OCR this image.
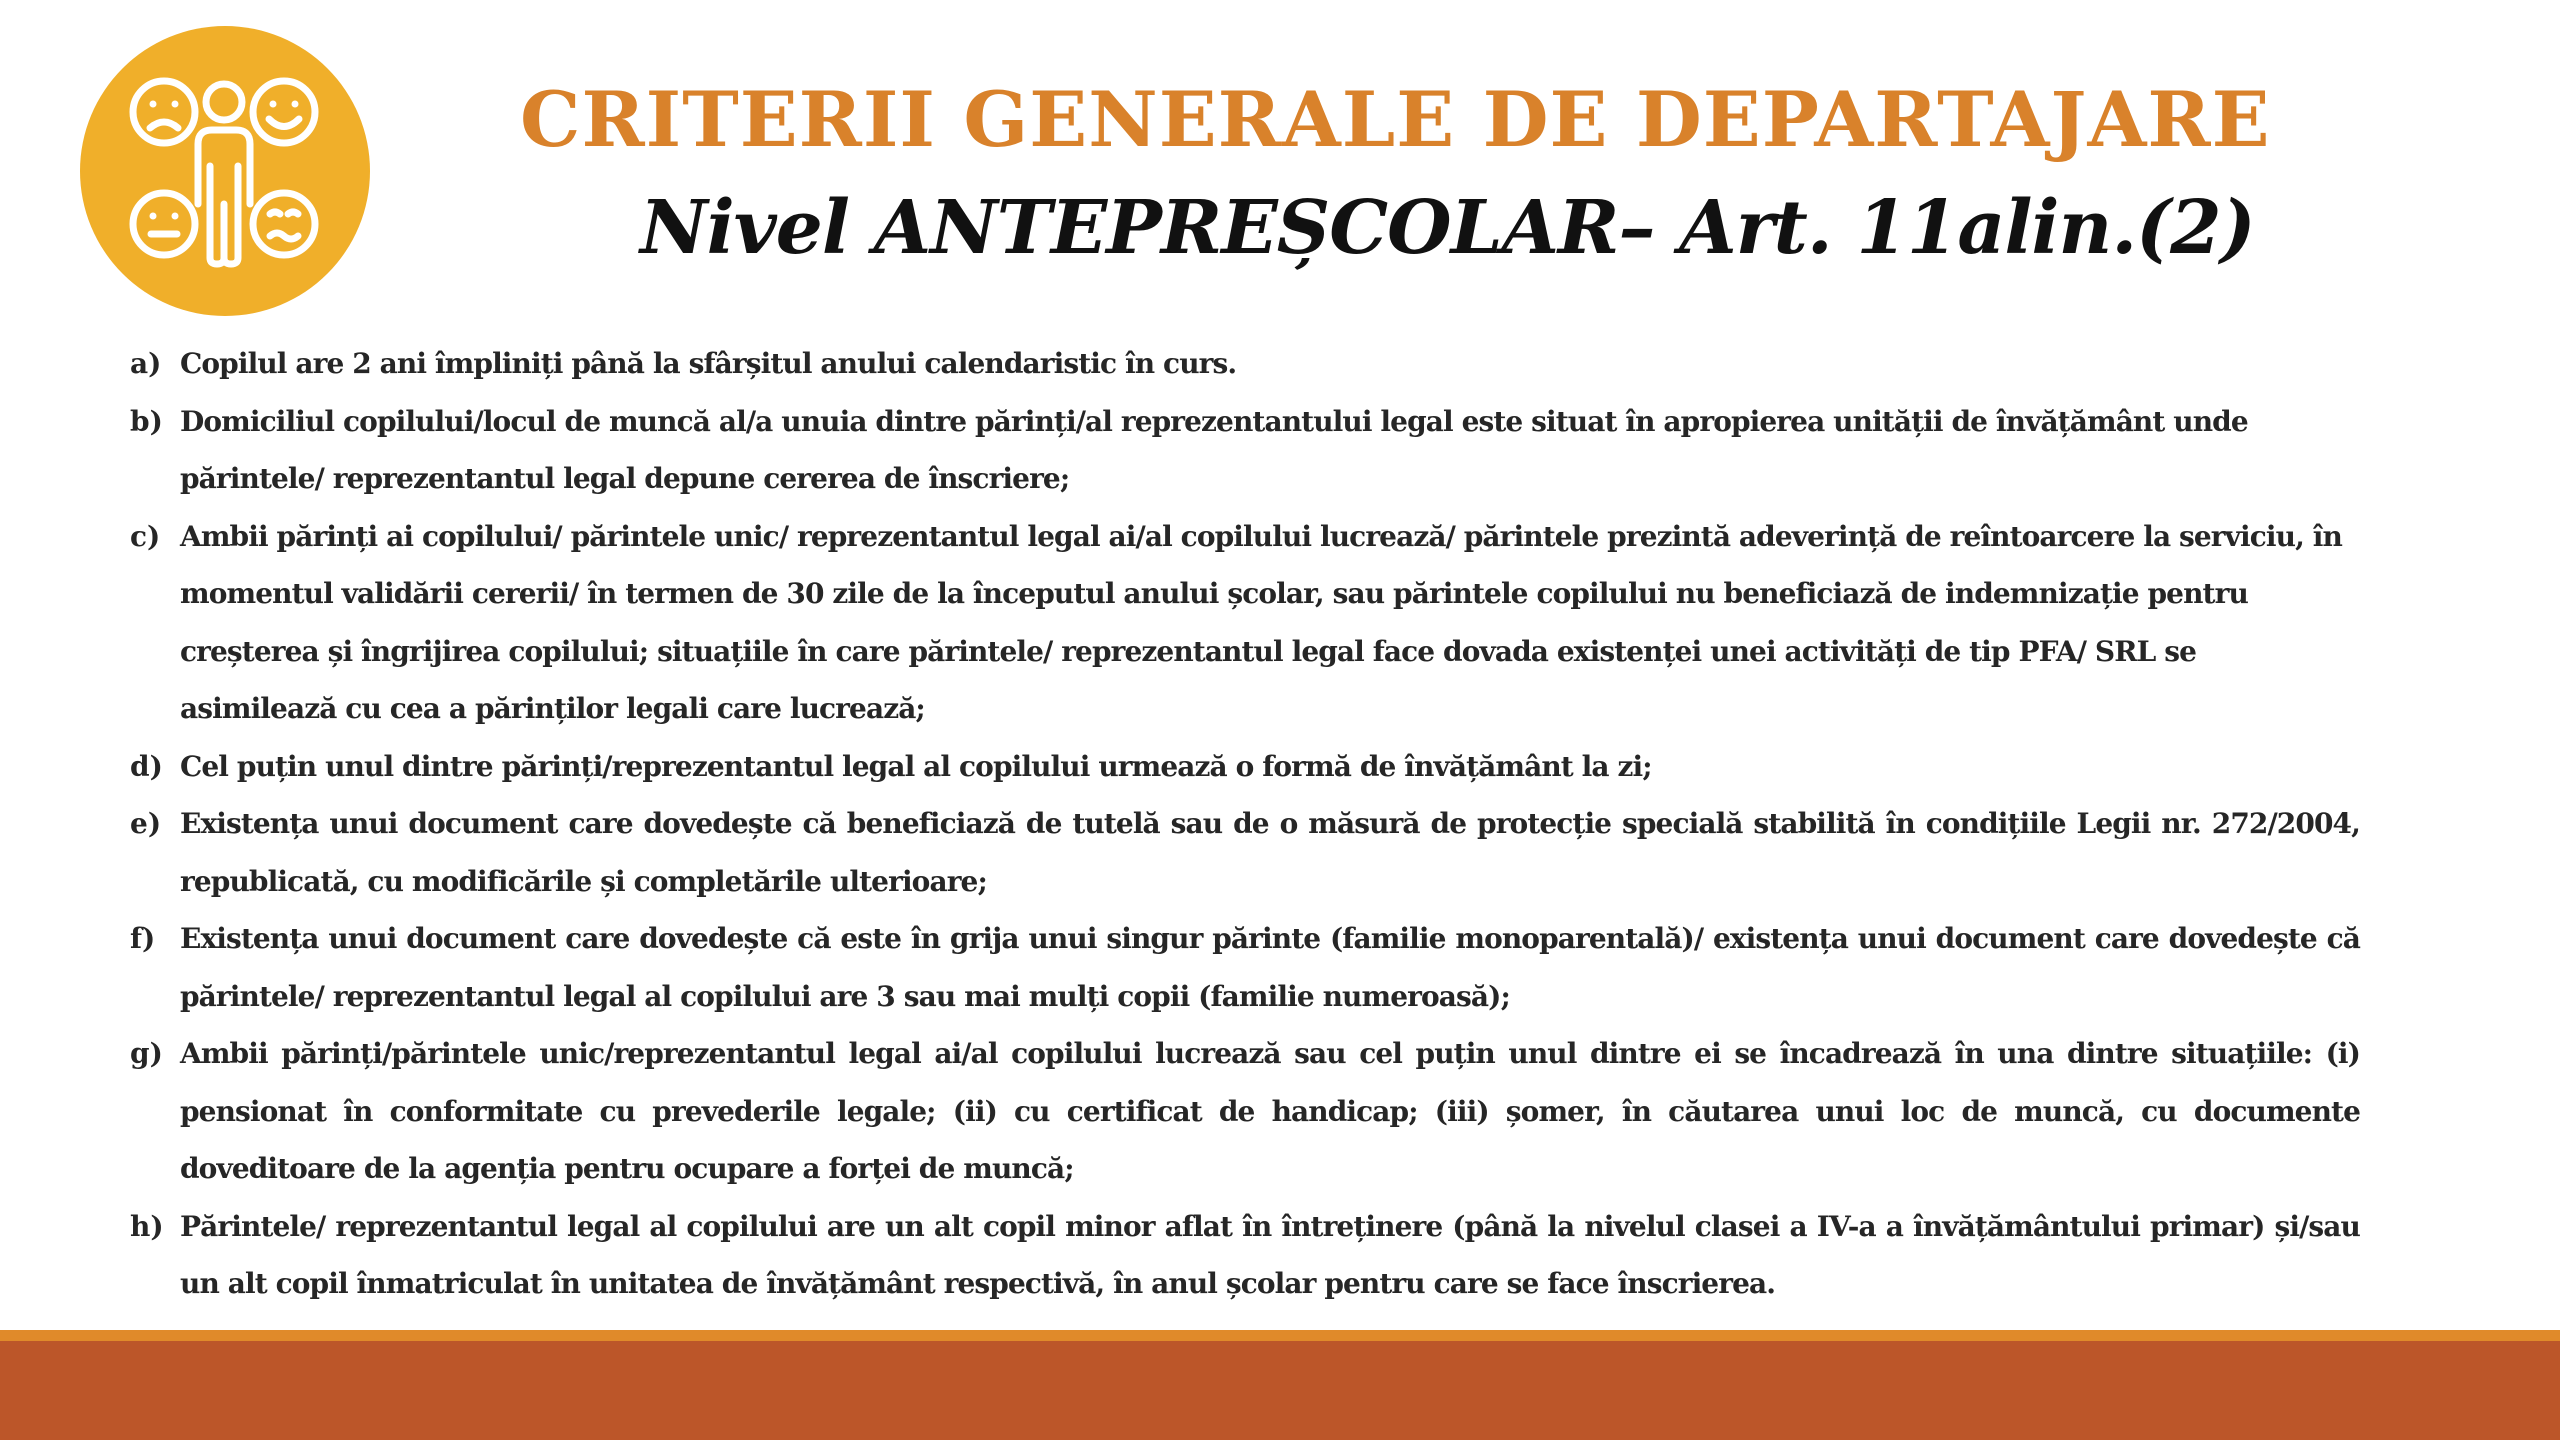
CRITERII GENERALE DE DEPARTAJARE
Nivel ANTEPREȘCOLAR– Art. 11alin.(2)
a) Copilul are 2 ani împliniți până la sfârșitul anului calendaristic în curs.
b) Domiciliul copilului/locul de muncă al/a unuia dintre părinți/al reprezentantului legal este situat în apropierea unității de învățământ unde părintele/ reprezentantul legal depune cererea de înscriere;
c) Ambii părinți ai copilului/ părintele unic/ reprezentantul legal ai/al copilului lucrează/ părintele prezintă adeverință de reîntoarcere la serviciu, în momentul validării cererii/ în termen de 30 zile de la începutul anului școlar, sau părintele copilului nu beneficiază de indemnizație pentru creșterea și îngrijirea copilului; situațiile în care părintele/ reprezentantul legal face dovada existenței unei activități de tip PFA/ SRL se asimilează cu cea a părinților legali care lucrează;
d) Cel puțin unul dintre părinți/reprezentantul legal al copilului urmează o formă de învățământ la zi;
e) Existența unui document care dovedește că beneficiază de tutelă sau de o măsură de protecție specială stabilită în condițiile Legii nr. 272/2004, republicată, cu modificările și completările ulterioare;
f) Existența unui document care dovedește că este în grija unui singur părinte (familie monoparentală)/ existența unui document care dovedește că părintele/ reprezentantul legal al copilului are 3 sau mai mulți copii (familie numeroasă);
g) Ambii părinți/părintele unic/reprezentantul legal ai/al copilului lucrează sau cel puțin unul dintre ei se încadrează în una dintre situațiile: (i) pensionat în conformitate cu prevederile legale; (ii) cu certificat de handicap; (iii) șomer, în căutarea unui loc de muncă, cu documente doveditoare de la agenția pentru ocupare a forței de muncă;
h) Părintele/ reprezentantul legal al copilului are un alt copil minor aflat în întreținere (până la nivelul clasei a IV-a a învățământului primar) și/sau un alt copil înmatriculat în unitatea de învățământ respectivă, în anul școlar pentru care se face înscrierea.
